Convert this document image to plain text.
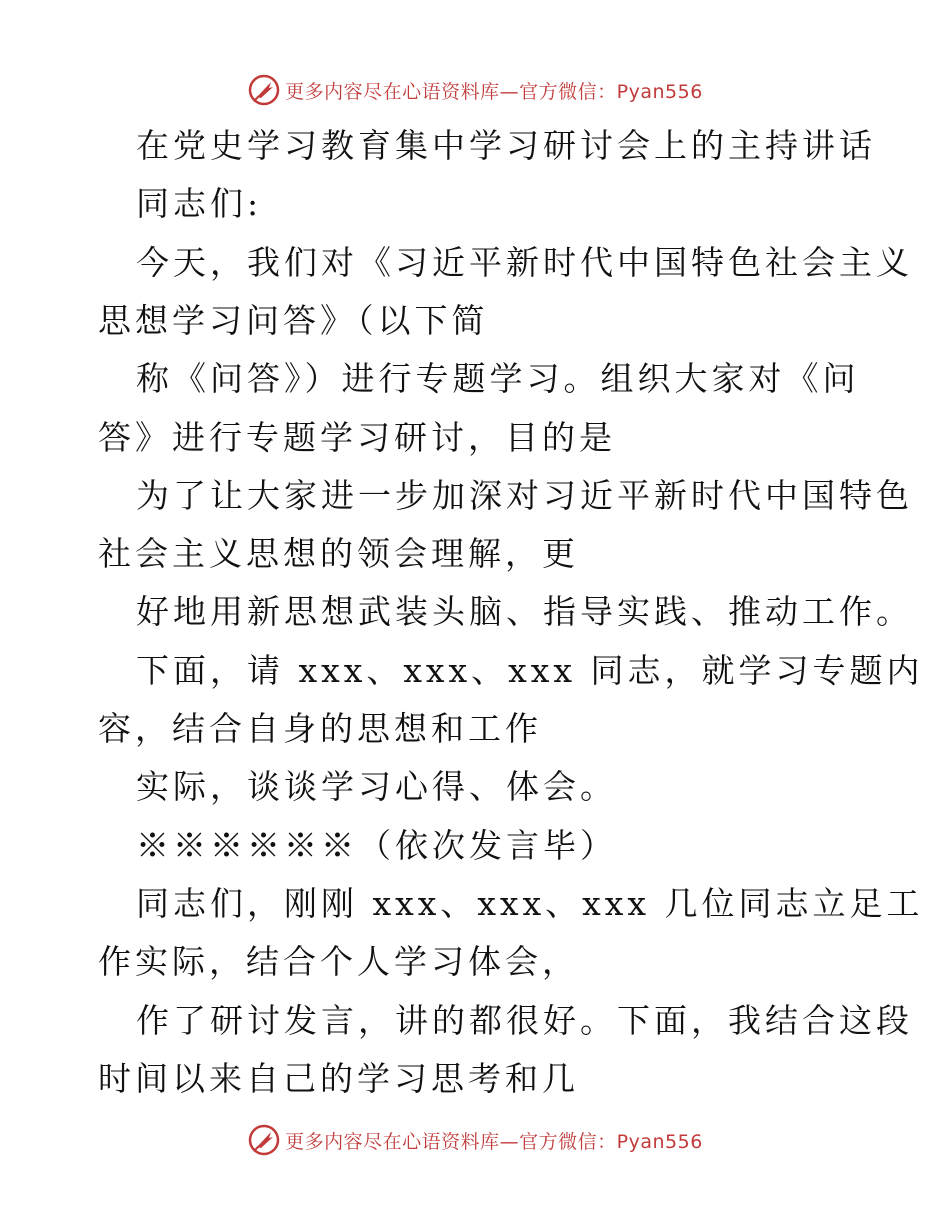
更多内容尽在心语资料库—官方微信：Pyan556
在党史学习教育集中学习研讨会上的主持讲话
同志们:
今天，我们对《习近平新时代中国特色社会主义
思想学习问答》（以下简
称《问答》）进行专题学习。组织大家对《问
答》进行专题学习研讨，目的是
为了让大家进一步加深对习近平新时代中国特色
社会主义思想的领会理解，更
好地用新思想武装头脑、指导实践、推动工作。
下面，请 xxx、xxx、xxx 同志，就学习专题内
容，结合自身的思想和工作
实际，谈谈学习心得、体会。
※※※※※※（依次发言毕）
同志们，刚刚 xxx、xxx、xxx 几位同志立足工
作实际，结合个人学习体会，
作了研讨发言，讲的都很好。下面，我结合这段
时间以来自己的学习思考和几
更多内容尽在心语资料库—官方微信：Pyan556
